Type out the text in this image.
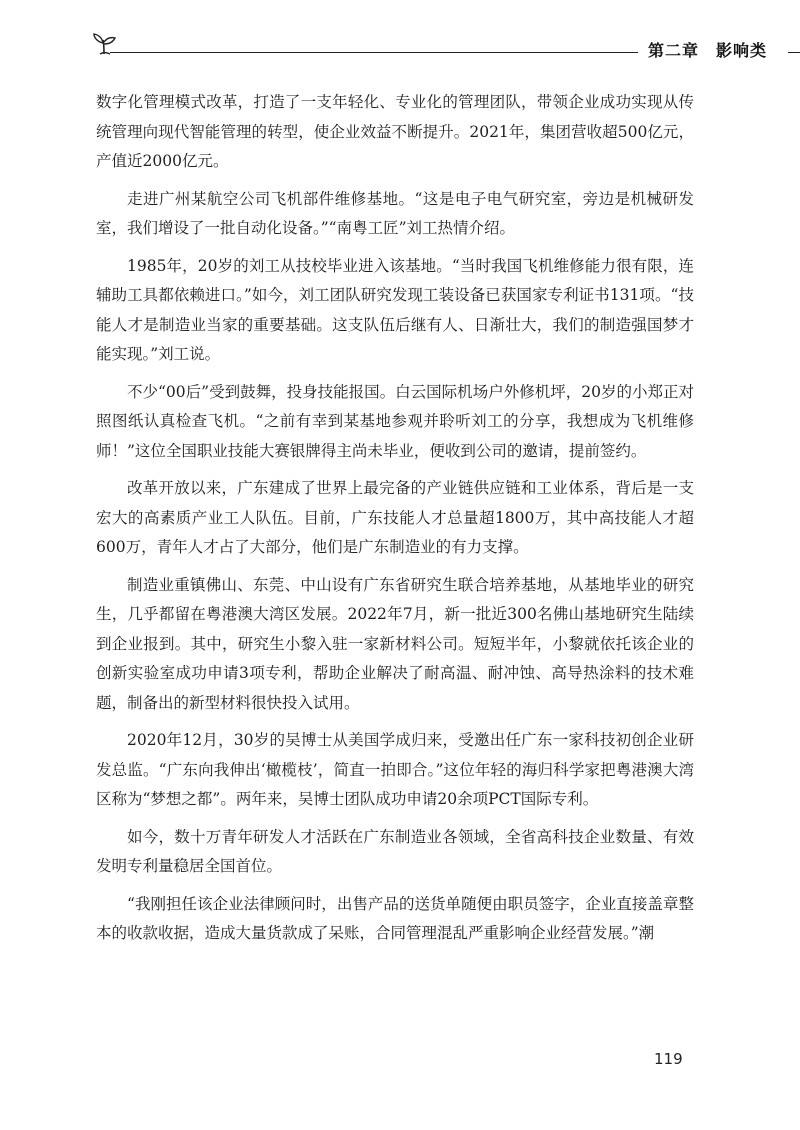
第二章　影响类

数字化管理模式改革，打造了一支年轻化、专业化的管理团队，带领企业成功实现从传统管理向现代智能管理的转型，使企业效益不断提升。2021年，集团营收超500亿元，产值近2000亿元。

走进广州某航空公司飞机部件维修基地。“这是电子电气研究室，旁边是机械研发室，我们增设了一批自动化设备。”“南粤工匠”刘工热情介绍。

1985年，20岁的刘工从技校毕业进入该基地。“当时我国飞机维修能力很有限，连辅助工具都依赖进口。”如今，刘工团队研究发现工装设备已获国家专利证书131项。“技能人才是制造业当家的重要基础。这支队伍后继有人、日渐壮大，我们的制造强国梦才能实现。”刘工说。

不少“00后”受到鼓舞，投身技能报国。白云国际机场户外修机坪，20岁的小郑正对照图纸认真检查飞机。“之前有幸到某基地参观并聆听刘工的分享，我想成为飞机维修师！”这位全国职业技能大赛银牌得主尚未毕业，便收到公司的邀请，提前签约。

改革开放以来，广东建成了世界上最完备的产业链供应链和工业体系，背后是一支宏大的高素质产业工人队伍。目前，广东技能人才总量超1800万，其中高技能人才超600万，青年人才占了大部分，他们是广东制造业的有力支撑。

制造业重镇佛山、东莞、中山设有广东省研究生联合培养基地，从基地毕业的研究生，几乎都留在粤港澳大湾区发展。2022年7月，新一批近300名佛山基地研究生陆续到企业报到。其中，研究生小黎入驻一家新材料公司。短短半年，小黎就依托该企业的创新实验室成功申请3项专利，帮助企业解决了耐高温、耐冲蚀、高导热涂料的技术难题，制备出的新型材料很快投入试用。

2020年12月，30岁的吴博士从美国学成归来，受邀出任广东一家科技初创企业研发总监。“广东向我伸出‘橄榄枝’，简直一拍即合。”这位年轻的海归科学家把粤港澳大湾区称为“梦想之都”。两年来，吴博士团队成功申请20余项PCT国际专利。

如今，数十万青年研发人才活跃在广东制造业各领域，全省高科技企业数量、有效发明专利量稳居全国首位。

“我刚担任该企业法律顾问时，出售产品的送货单随便由职员签字，企业直接盖章整本的收款收据，造成大量货款成了呆账，合同管理混乱严重影响企业经营发展。”潮

119
